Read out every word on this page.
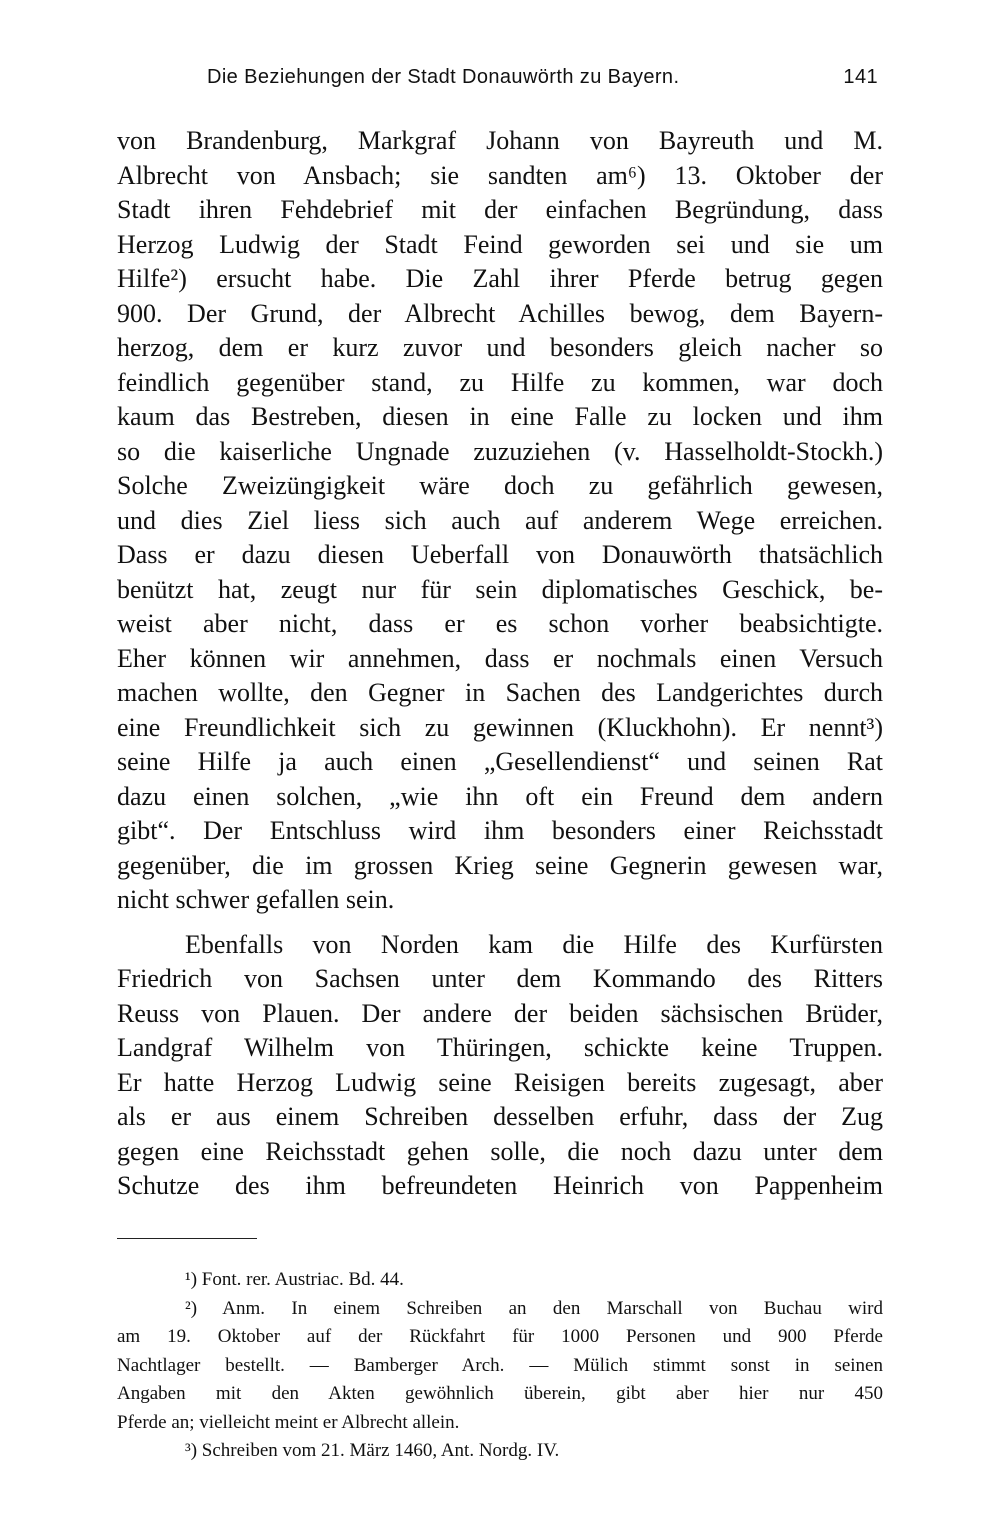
Die Beziehungen der Stadt Donauwörth zu Bayern.	141
von Brandenburg, Markgraf Johann von Bayreuth und M.
Albrecht von Ansbach; sie sandten am⁶) 13. Oktober der
Stadt ihren Fehdebrief mit der einfachen Begründung, dass
Herzog Ludwig der Stadt Feind geworden sei und sie um
Hilfe²) ersucht habe. Die Zahl ihrer Pferde betrug gegen
900. Der Grund, der Albrecht Achilles bewog, dem Bayern-
herzog, dem er kurz zuvor und besonders gleich nacher so
feindlich gegenüber stand, zu Hilfe zu kommen, war doch
kaum das Bestreben, diesen in eine Falle zu locken und ihm
so die kaiserliche Ungnade zuzuziehen (v. Hasselholdt-Stockh.)
Solche Zweizüngigkeit wäre doch zu gefährlich gewesen,
und dies Ziel liess sich auch auf anderem Wege erreichen.
Dass er dazu diesen Ueberfall von Donauwörth thatsächlich
benützt hat, zeugt nur für sein diplomatisches Geschick, be-
weist aber nicht, dass er es schon vorher beabsichtigte.
Eher können wir annehmen, dass er nochmals einen Versuch
machen wollte, den Gegner in Sachen des Landgerichtes durch
eine Freundlichkeit sich zu gewinnen (Kluckhohn). Er nennt³)
seine Hilfe ja auch einen „Gesellendienst“ und seinen Rat
dazu einen solchen, „wie ihn oft ein Freund dem andern
gibt“. Der Entschluss wird ihm besonders einer Reichsstadt
gegenüber, die im grossen Krieg seine Gegnerin gewesen war,
nicht schwer gefallen sein.
Ebenfalls von Norden kam die Hilfe des Kurfürsten
Friedrich von Sachsen unter dem Kommando des Ritters
Reuss von Plauen. Der andere der beiden sächsischen Brüder,
Landgraf Wilhelm von Thüringen, schickte keine Truppen.
Er hatte Herzog Ludwig seine Reisigen bereits zugesagt, aber
als er aus einem Schreiben desselben erfuhr, dass der Zug
gegen eine Reichsstadt gehen solle, die noch dazu unter dem
Schutze des ihm befreundeten Heinrich von Pappenheim
¹) Font. rer. Austriac. Bd. 44.
²) Anm. In einem Schreiben an den Marschall von Buchau wird
am 19. Oktober auf der Rückfahrt für 1000 Personen und 900 Pferde
Nachtlager bestellt. — Bamberger Arch. — Mülich stimmt sonst in seinen
Angaben mit den Akten gewöhnlich überein, gibt aber hier nur 450
Pferde an; vielleicht meint er Albrecht allein.
³) Schreiben vom 21. März 1460, Ant. Nordg. IV.
